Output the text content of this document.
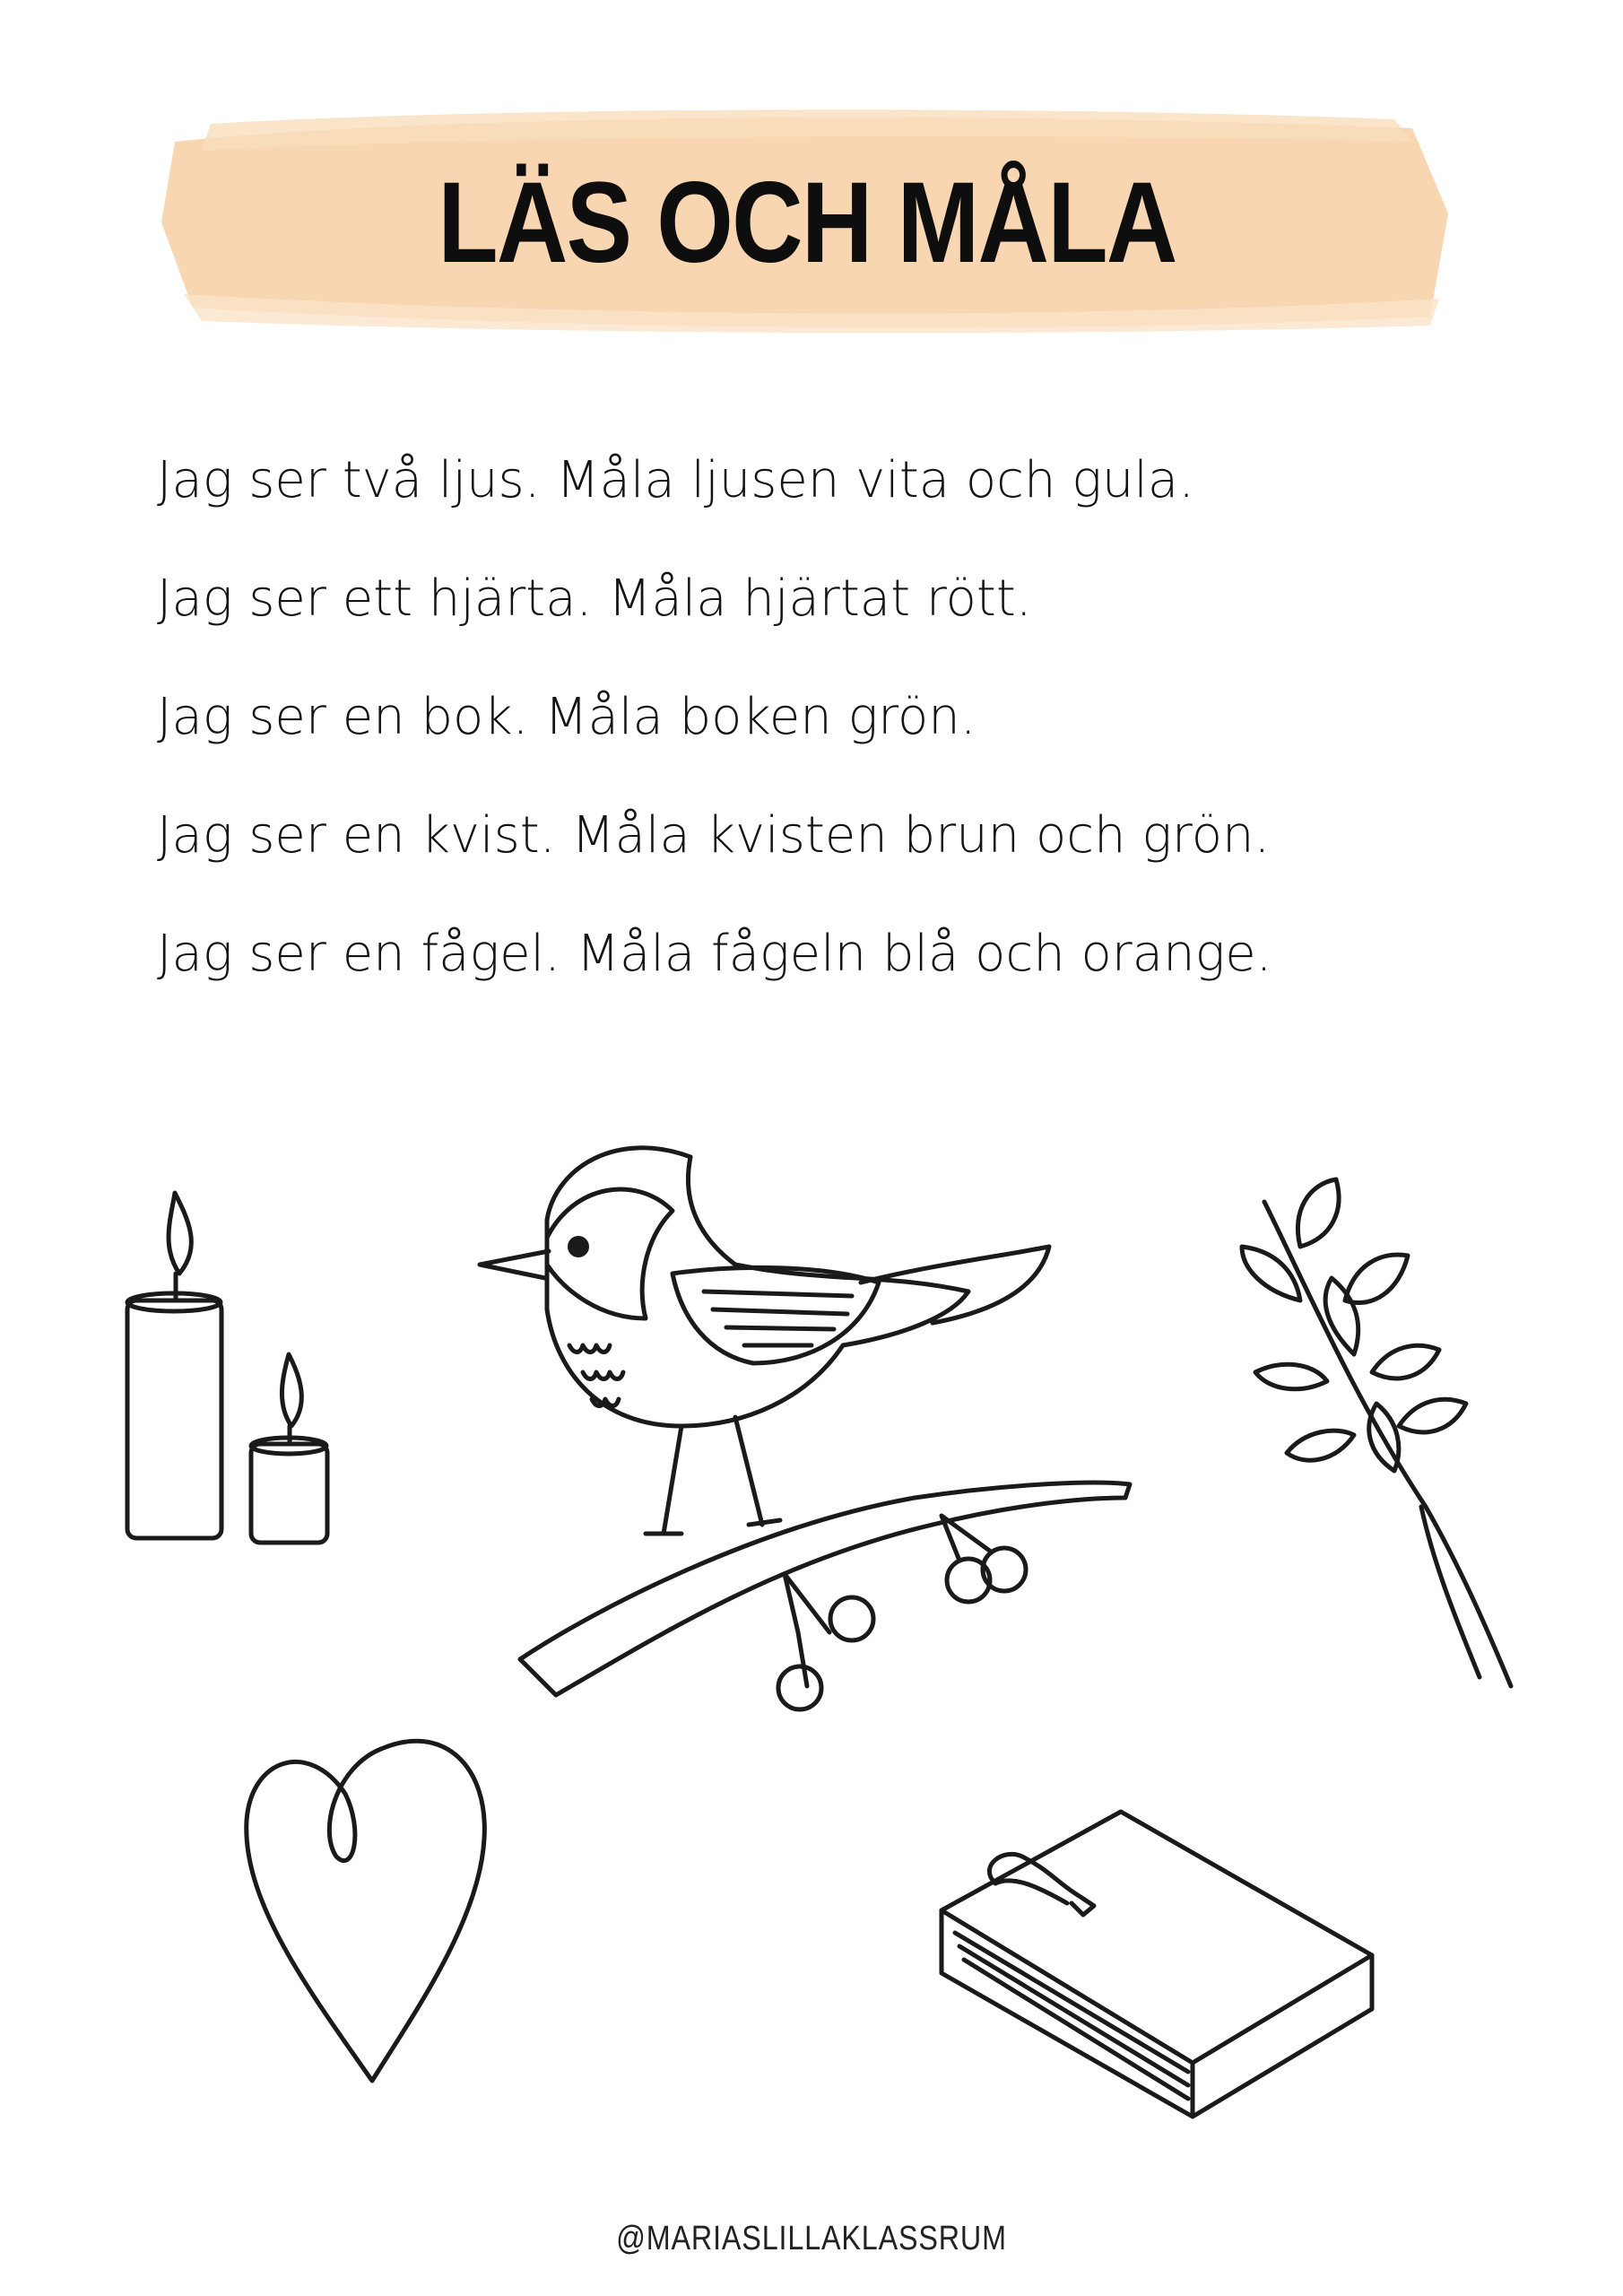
LÄS OCH MÅLA
Jag ser två ljus. Måla ljusen vita och gula.
Jag ser ett hjärta. Måla hjärtat rött.
Jag ser en bok. Måla boken grön.
Jag ser en kvist. Måla kvisten brun och grön.
Jag ser en fågel. Måla fågeln blå och orange.
@MARIASLILLAKLASSRUM
